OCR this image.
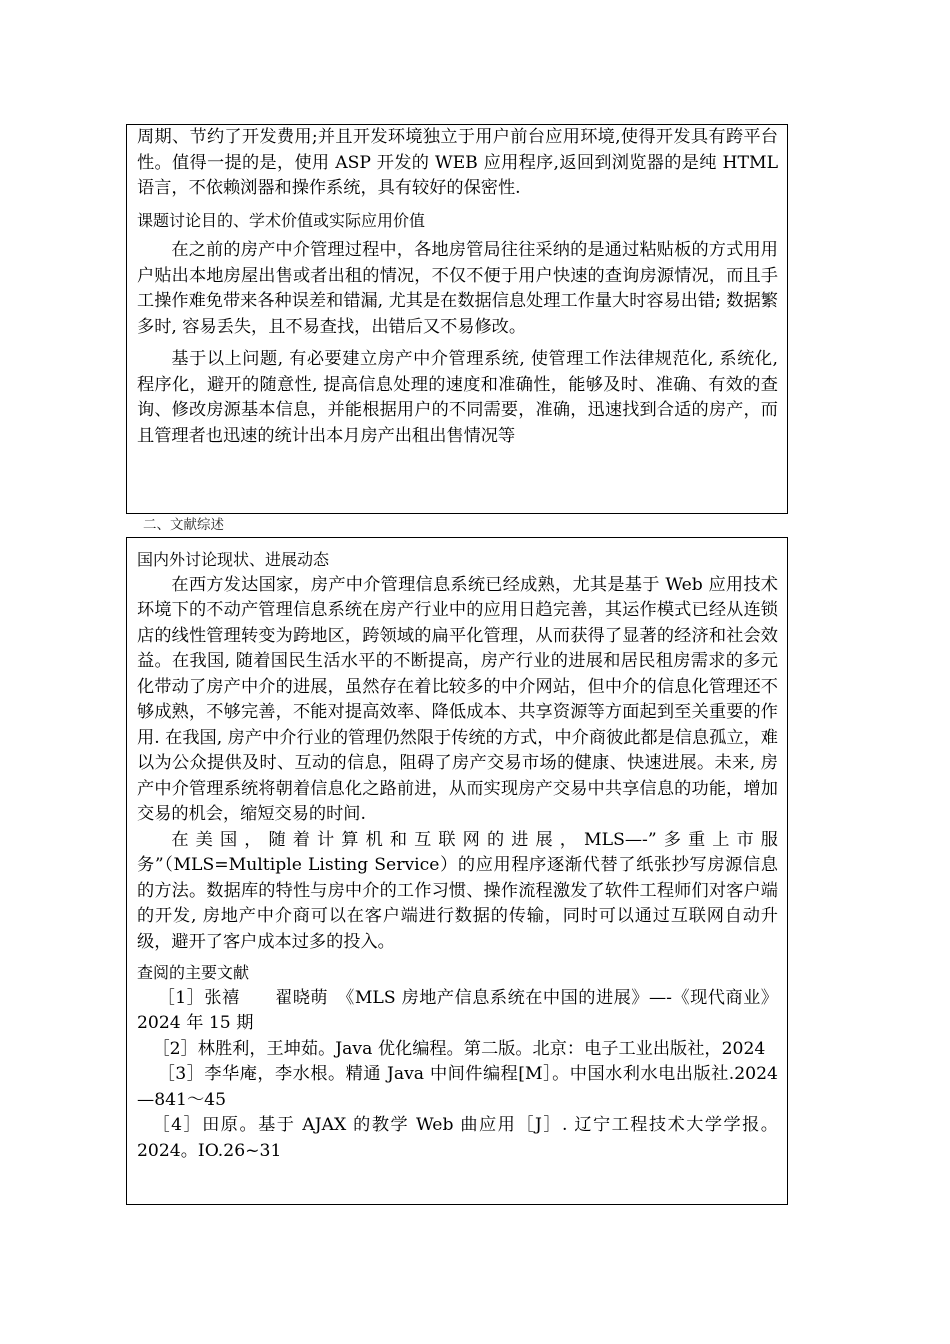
周期、节约了开发费用;并且开发环境独立于用户前台应用环境,使得开发具有跨平台性。值得一提的是，使用 ASP 开发的 WEB 应用程序,返回到浏览器的是纯 HTML 语言，不依赖浏器和操作系统，具有较好的保密性.

课题讨论目的、学术价值或实际应用价值

在之前的房产中介管理过程中，各地房管局往往采纳的是通过粘贴板的方式用用户贴出本地房屋出售或者出租的情况，不仅不便于用户快速的查询房源情况，而且手工操作难免带来各种误差和错漏, 尤其是在数据信息处理工作量大时容易出错; 数据繁多时, 容易丢失，且不易查找，出错后又不易修改。

基于以上问题, 有必要建立房产中介管理系统, 使管理工作法律规范化, 系统化, 程序化，避开的随意性, 提高信息处理的速度和准确性，能够及时、准确、有效的查询、修改房源基本信息，并能根据用户的不同需要，准确，迅速找到合适的房产，而且管理者也迅速的统计出本月房产出租出售情况等

二、文献综述

国内外讨论现状、进展动态

在西方发达国家，房产中介管理信息系统已经成熟，尤其是基于 Web 应用技术环境下的不动产管理信息系统在房产行业中的应用日趋完善，其运作模式已经从连锁店的线性管理转变为跨地区，跨领域的扁平化管理，从而获得了显著的经济和社会效益。在我国, 随着国民生活水平的不断提高，房产行业的进展和居民租房需求的多元化带动了房产中介的进展，虽然存在着比较多的中介网站，但中介的信息化管理还不够成熟，不够完善，不能对提高效率、降低成本、共享资源等方面起到至关重要的作用. 在我国, 房产中介行业的管理仍然限于传统的方式，中介商彼此都是信息孤立，难以为公众提供及时、互动的信息，阻碍了房产交易市场的健康、快速进展。未来, 房产中介管理系统将朝着信息化之路前进，从而实现房产交易中共享信息的功能，增加交易的机会，缩短交易的时间.

在美国，随着计算机和互联网的进展，MLS—-”多重上市服务”（MLS=Multiple Listing Service）的应用程序逐渐代替了纸张抄写房源信息的方法。数据库的特性与房中介的工作习惯、操作流程激发了软件工程师们对客户端的开发, 房地产中介商可以在客户端进行数据的传输，同时可以通过互联网自动升级，避开了客户成本过多的投入。

查阅的主要文献

［1］张禧　　翟晓萌　《MLS 房地产信息系统在中国的进展》—-《现代商业》2024 年 15 期

［2］林胜利，王坤茹。Java 优化编程。第二版。北京：电子工业出版社，2024

［3］李华庵，李水根。精通 Java 中间件编程[M］。中国水利水电出版社.2024—841～45

［4］田原。基于 AJAX 的教学 Web 曲应用［J］. 辽宁工程技术大学学报。2024。IO.26~31
